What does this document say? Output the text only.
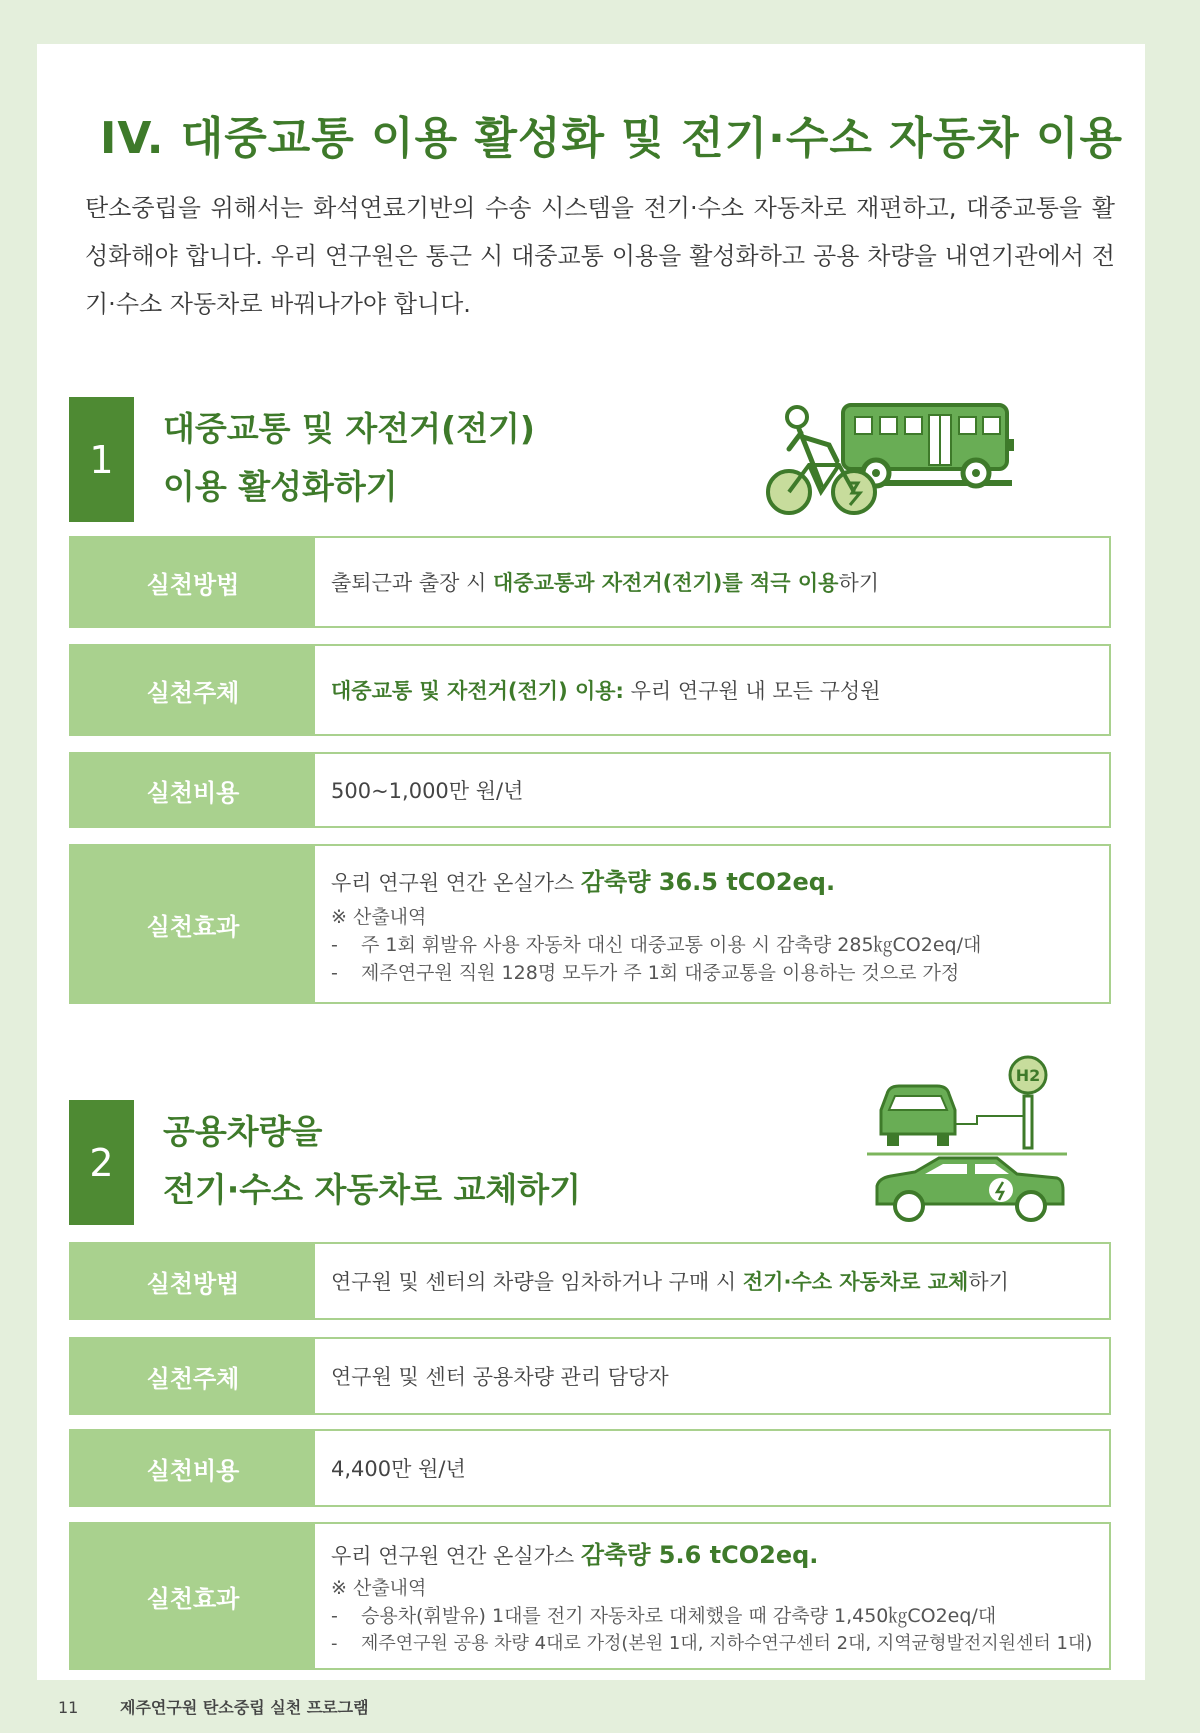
IV. 대중교통 이용 활성화 및 전기·수소 자동차 이용
탄소중립을 위해서는 화석연료기반의 수송 시스템을 전기·수소 자동차로 재편하고, 대중교통을 활성화해야 합니다. 우리 연구원은 통근 시 대중교통 이용을 활성화하고 공용 차량을 내연기관에서 전기·수소 자동차로 바꿔나가야 합니다.
1
대중교통 및 자전거(전기)
이용 활성화하기
실천방법	출퇴근과 출장 시 대중교통과 자전거(전기)를 적극 이용하기
실천주체	대중교통 및 자전거(전기) 이용: 우리 연구원 내 모든 구성원
실천비용	500~1,000만 원/년
실천효과
우리 연구원 연간 온실가스 감축량 36.5 tCO2eq.
※ 산출내역
- 주 1회 휘발유 사용 자동차 대신 대중교통 이용 시 감축량 285㎏CO2eq/대
- 제주연구원 직원 128명 모두가 주 1회 대중교통을 이용하는 것으로 가정
2
공용차량을
전기·수소 자동차로 교체하기
H2
실천방법	연구원 및 센터의 차량을 임차하거나 구매 시 전기·수소 자동차로 교체하기
실천주체	연구원 및 센터 공용차량 관리 담당자
실천비용	4,400만 원/년
실천효과
우리 연구원 연간 온실가스 감축량 5.6 tCO2eq.
※ 산출내역
- 승용차(휘발유) 1대를 전기 자동차로 대체했을 때 감축량 1,450㎏CO2eq/대
- 제주연구원 공용 차량 4대로 가정(본원 1대, 지하수연구센터 2대, 지역균형발전지원센터 1대)
11	제주연구원 탄소중립 실천 프로그램
